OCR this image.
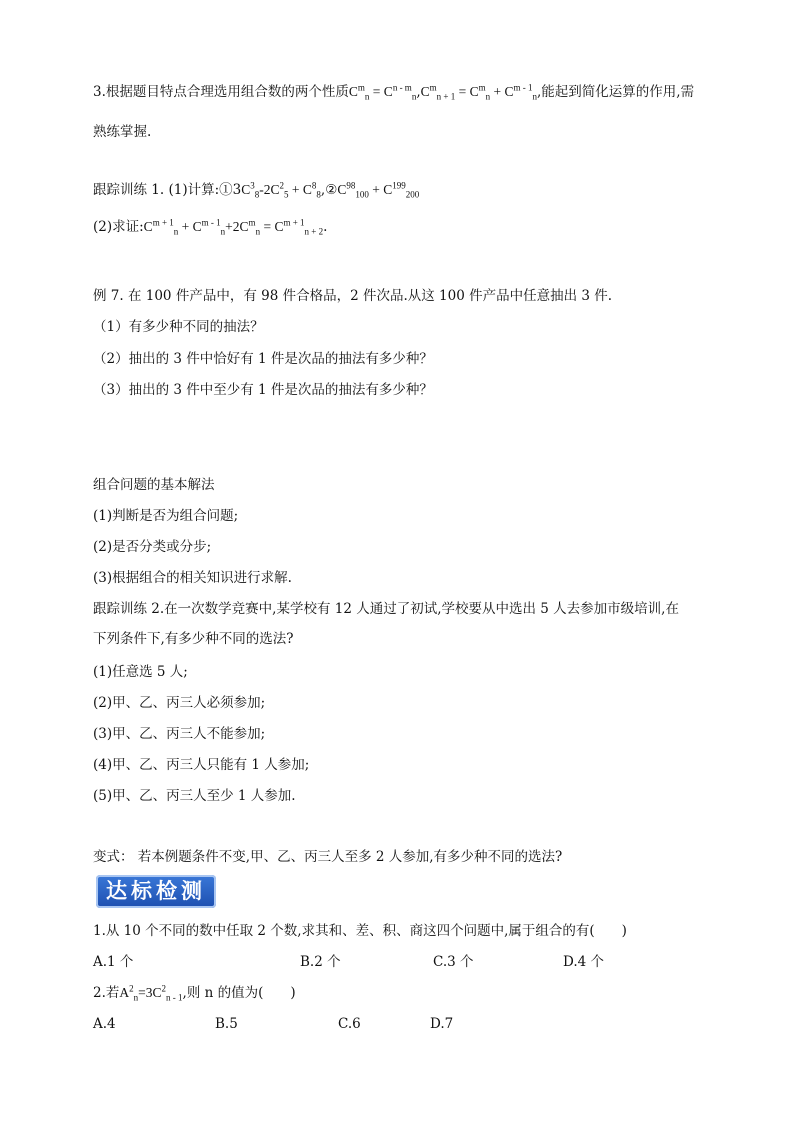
3.根据题目特点合理选用组合数的两个性质$C^m_n = C^{n - m}_n,C^m_{n + 1} = C^m_n + C^{m - 1}_n$,能起到简化运算的作用,需
熟练掌握.
跟踪训练 1. (1)计算$:①3C^3_8-2C^2_5$ + $C^8_8,②C^{98}_{100} + C^{199}_{200}$
(2)求证$:C^{m + 1}_n + C^{m - 1}_n+2C^m_n = C^{m + 1}_{n + 2}$.
例 7. 在 100 件产品中，有 98 件合格品，2 件次品.从这 100 件产品中任意抽出 3 件.
（1）有多少种不同的抽法？
（2）抽出的 3 件中恰好有 1 件是次品的抽法有多少种？
（3）抽出的 3 件中至少有 1 件是次品的抽法有多少种？
组合问题的基本解法
(1)判断是否为组合问题;
(2)是否分类或分步;
(3)根据组合的相关知识进行求解.
跟踪训练 2.在一次数学竞赛中,某学校有 12 人通过了初试,学校要从中选出 5 人去参加市级培训,在
下列条件下,有多少种不同的选法?
(1)任意选 5 人;
(2)甲、乙、丙三人必须参加;
(3)甲、乙、丙三人不能参加;
(4)甲、乙、丙三人只能有 1 人参加;
(5)甲、乙、丙三人至少 1 人参加.
变式： 若本例题条件不变,甲、乙、丙三人至多 2 人参加,有多少种不同的选法?
达标检测
1.从 10 个不同的数中任取 2 个数,求其和、差、积、商这四个问题中,属于组合的有(　　)
A.1 个	B.2 个	C.3 个	D.4 个
2.若$A^2_n=3C^2_{n - 1}$,则 n 的值为(　　)
A.4	B.5	C.6	D.7
